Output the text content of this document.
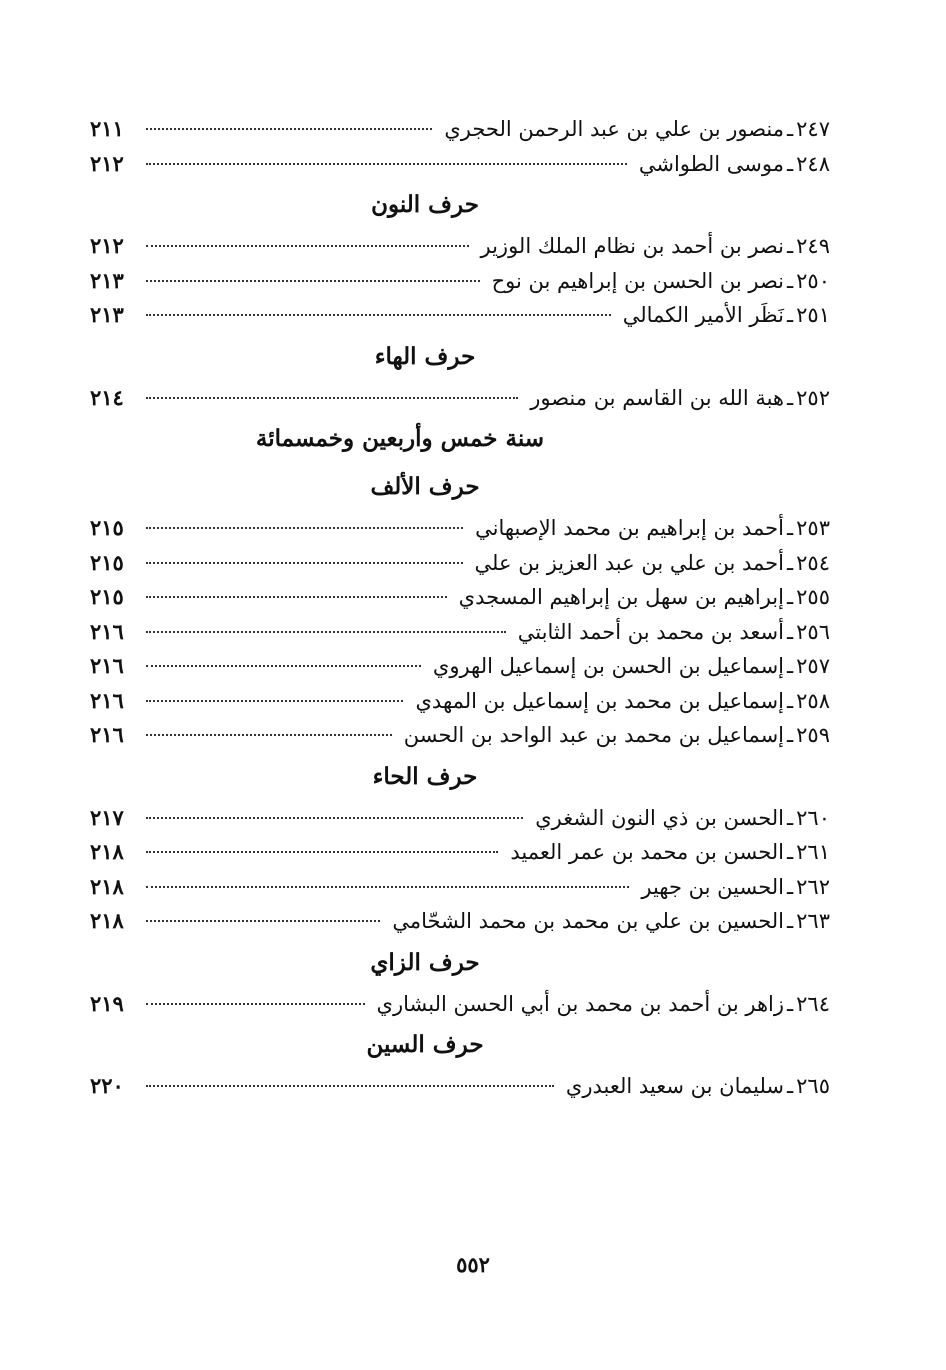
٢٤٧
ـ
منصور بن علي بن عبد الرحمن الحجري
٢١١
٢٤٨
ـ
موسى الطواشي
٢١٢
حرف النون
٢٤٩
ـ
نصر بن أحمد بن نظام الملك الوزير
٢١٢
٢٥٠
ـ
نصر بن الحسن بن إبراهيم بن نوح
٢١٣
٢٥١
ـ
نَظَر الأمير الكمالي
٢١٣
حرف الهاء
٢٥٢
ـ
هبة الله بن القاسم بن منصور
٢١٤
سنة خمس وأربعين وخمسمائة
حرف الألف
٢٥٣
ـ
أحمد بن إبراهيم بن محمد الإصبهاني
٢١٥
٢٥٤
ـ
أحمد بن علي بن عبد العزيز بن علي
٢١٥
٢٥٥
ـ
إبراهيم بن سهل بن إبراهيم المسجدي
٢١٥
٢٥٦
ـ
أسعد بن محمد بن أحمد الثابتي
٢١٦
٢٥٧
ـ
إسماعيل بن الحسن بن إسماعيل الهروي
٢١٦
٢٥٨
ـ
إسماعيل بن محمد بن إسماعيل بن المهدي
٢١٦
٢٥٩
ـ
إسماعيل بن محمد بن عبد الواحد بن الحسن
٢١٦
حرف الحاء
٢٦٠
ـ
الحسن بن ذي النون الشغري
٢١٧
٢٦١
ـ
الحسن بن محمد بن عمر العميد
٢١٨
٢٦٢
ـ
الحسين بن جهير
٢١٨
٢٦٣
ـ
الحسين بن علي بن محمد بن محمد الشحّامي
٢١٨
حرف الزاي
٢٦٤
ـ
زاهر بن أحمد بن محمد بن أبي الحسن البشاري
٢١٩
حرف السين
٢٦٥
ـ
سليمان بن سعيد العبدري
٢٢٠
٥٥٢
